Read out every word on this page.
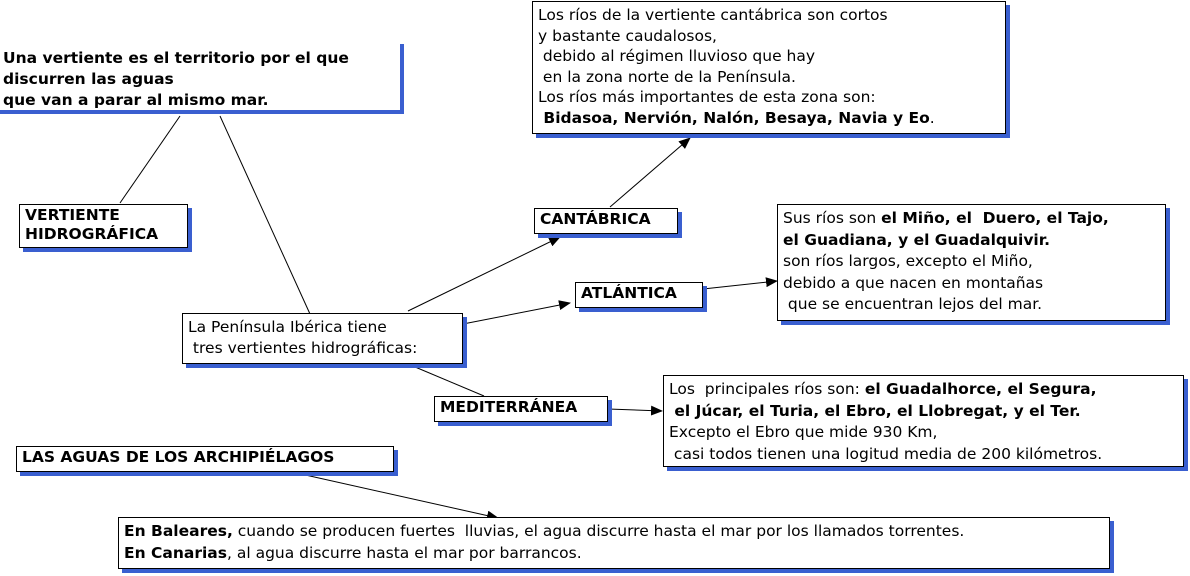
Una vertiente es el territorio por el que
discurren las aguas
que van a parar al mismo mar.
VERTIENTE
HIDROGRÁFICA
La Península Ibérica tiene
tres vertientes hidrográficas:
CANTÁBRICA
Los ríos de la vertiente cantábrica son cortos
y bastante caudalosos,
debido al régimen lluvioso que hay
en la zona norte de la Península.
Los ríos más importantes de esta zona son:
Bidasoa, Nervión, Nalón, Besaya, Navia y Eo.
ATLÁNTICA
Sus ríos son el Miño, el  Duero, el Tajo,
el Guadiana, y el Guadalquivir.
son ríos largos, excepto el Miño,
debido a que nacen en montañas
que se encuentran lejos del mar.
MEDITERRÁNEA
Los  principales ríos son: el Guadalhorce, el Segura,
el Júcar, el Turia, el Ebro, el Llobregat, y el Ter.
Excepto el Ebro que mide 930 Km,
casi todos tienen una logitud media de 200 kilómetros.
LAS AGUAS DE LOS ARCHIPIÉLAGOS
En Baleares, cuando se producen fuertes  lluvias, el agua discurre hasta el mar por los llamados torrentes.
En Canarias, al agua discurre hasta el mar por barrancos.
